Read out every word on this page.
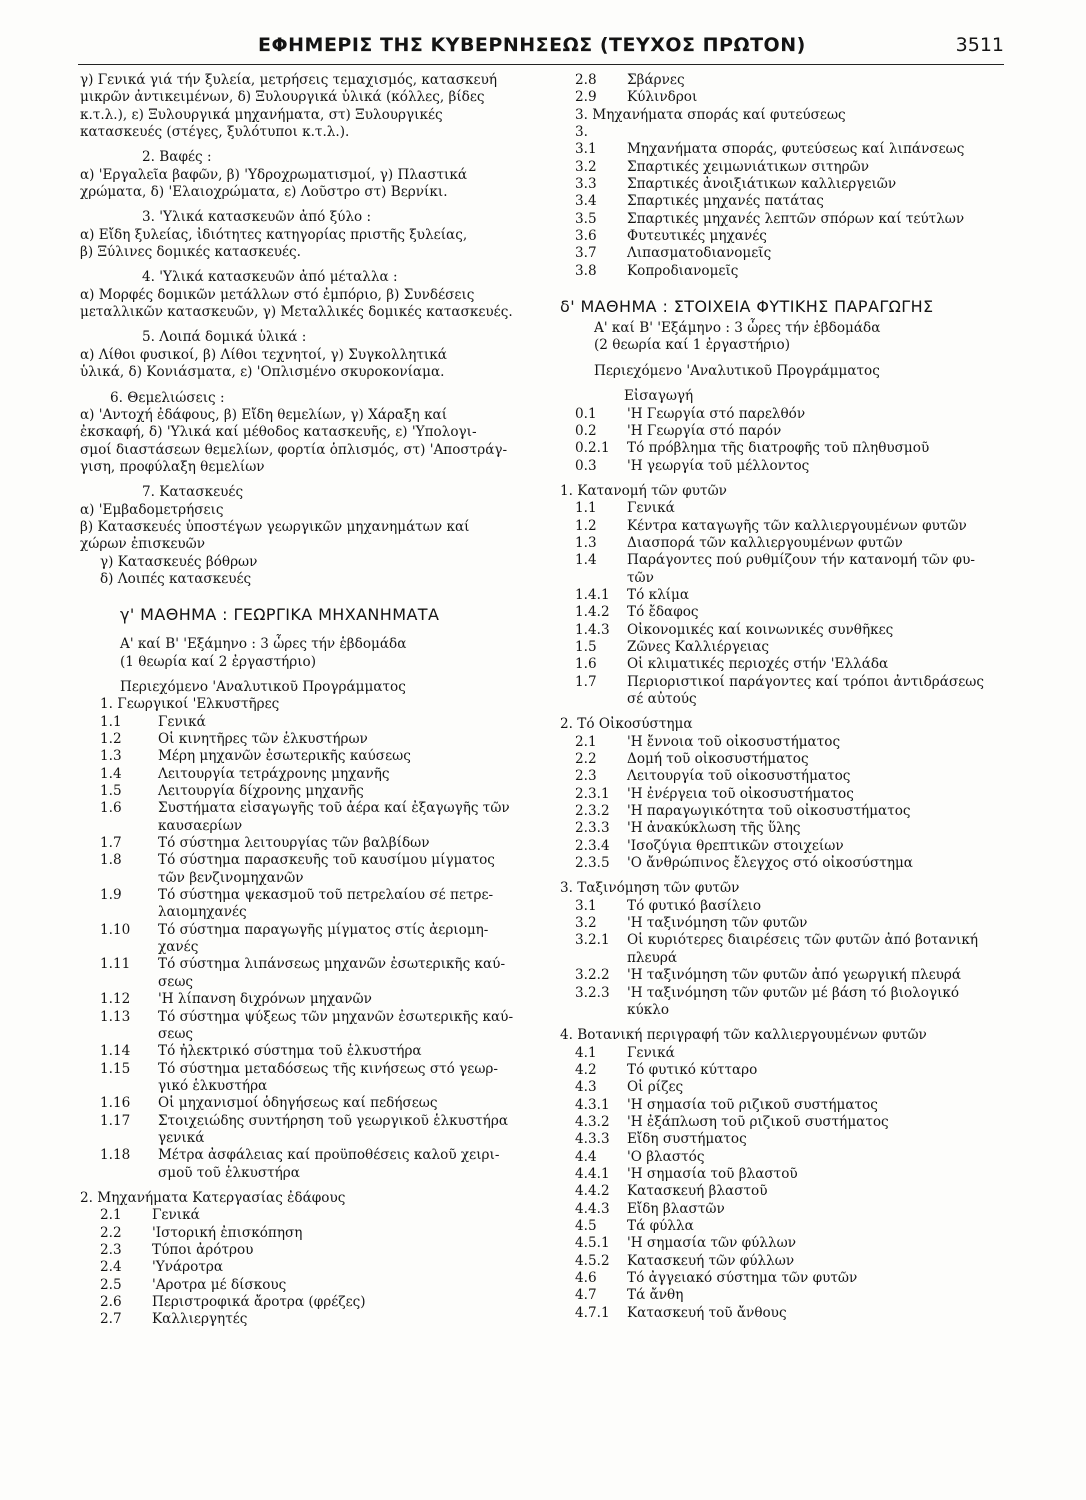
ΕΦΗΜΕΡΙΣ ΤΗΣ ΚΥΒΕΡΝΗΣΕΩΣ (ΤΕΥΧΟΣ ΠΡΩΤΟΝ)	3511
γ) Γενικά γιά τήν ξυλεία, μετρήσεις τεμαχισμός, κατασκευή
μικρῶν ἀντικειμένων, δ) Ξυλουργικά ὑλικά (κόλλες, βίδες
κ.τ.λ.), ε) Ξυλουργικά μηχανήματα, στ) Ξυλουργικές
κατασκευές (στέγες, ξυλότυποι κ.τ.λ.).
2. Βαφές :
α) 'Εργαλεῖα βαφῶν, β) 'Υδροχρωματισμοί, γ) Πλαστικά
χρώματα, δ) 'Ελαιοχρώματα, ε) Λοῦστρο στ) Βερνίκι.
3. 'Υλικά κατασκευῶν ἀπό ξύλο :
α) Εἴδη ξυλείας, ἰδιότητες κατηγορίας πριστῆς ξυλείας,
β) Ξύλινες δομικές κατασκευές.
4. 'Υλικά κατασκευῶν ἀπό μέταλλα :
α) Μορφές δομικῶν μετάλλων στό ἐμπόριο, β) Συνδέσεις
μεταλλικῶν κατασκευῶν, γ) Μεταλλικές δομικές κατασκευές.
5. Λοιπά δομικά ὑλικά :
α) Λίθοι φυσικοί, β) Λίθοι τεχνητοί, γ) Συγκολλητικά
ὑλικά, δ) Κονιάσματα, ε) 'Οπλισμένο σκυροκονίαμα.
6. Θεμελιώσεις :
α) 'Αντοχή ἐδάφους, β) Εἴδη θεμελίων, γ) Χάραξη καί
ἐκσκαφή, δ) 'Υλικά καί μέθοδος κατασκευῆς, ε) 'Υπολογι-
σμοί διαστάσεων θεμελίων, φορτία ὁπλισμός, στ) 'Αποστράγ-
γιση, προφύλαξη θεμελίων
7. Κατασκευές
α) 'Εμβαδομετρήσεις
β) Κατασκευές ὑποστέγων γεωργικῶν μηχανημάτων καί
χώρων ἐπισκευῶν
γ) Κατασκευές βόθρων
δ) Λοιπές κατασκευές
γ' ΜΑΘΗΜΑ : ΓΕΩΡΓΙΚΑ ΜΗΧΑΝΗΜΑΤΑ
Α' καί Β' 'Εξάμηνο : 3 ὧρες τήν ἑβδομάδα
(1 θεωρία καί 2 ἐργαστήριο)
Περιεχόμενο 'Αναλυτικοῦ Προγράμματος
1. Γεωργικοί 'Ελκυστῆρες
1.1	Γενικά
1.2	Οἱ κινητῆρες τῶν ἑλκυστήρων
1.3	Μέρη μηχανῶν ἐσωτερικῆς καύσεως
1.4	Λειτουργία τετράχρονης μηχανῆς
1.5	Λειτουργία δίχρονης μηχανῆς
1.6	Συστήματα εἰσαγωγῆς τοῦ ἀέρα καί ἐξαγωγῆς τῶν
καυσαερίων
1.7	Τό σύστημα λειτουργίας τῶν βαλβίδων
1.8	Τό σύστημα παρασκευῆς τοῦ καυσίμου μίγματος
τῶν βενζινομηχανῶν
1.9	Τό σύστημα ψεκασμοῦ τοῦ πετρελαίου σέ πετρε-
λαιομηχανές
1.10	Τό σύστημα παραγωγῆς μίγματος στίς ἀεριομη-
χανές
1.11	Τό σύστημα λιπάνσεως μηχανῶν ἐσωτερικῆς καύ-
σεως
1.12	'Η λίπανση διχρόνων μηχανῶν
1.13	Τό σύστημα ψύξεως τῶν μηχανῶν ἐσωτερικῆς καύ-
σεως
1.14	Τό ἠλεκτρικό σύστημα τοῦ ἑλκυστήρα
1.15	Τό σύστημα μεταδόσεως τῆς κινήσεως στό γεωρ-
γικό ἑλκυστήρα
1.16	Οἱ μηχανισμοί ὁδηγήσεως καί πεδήσεως
1.17	Στοιχειώδης συντήρηση τοῦ γεωργικοῦ ἑλκυστήρα
γενικά
1.18	Μέτρα ἀσφάλειας καί προϋποθέσεις καλοῦ χειρι-
σμοῦ τοῦ ἑλκυστήρα
2. Μηχανήματα Κατεργασίας ἐδάφους
2.1	Γενικά
2.2	'Ιστορική ἐπισκόπηση
2.3	Τύποι ἀρότρου
2.4	'Υνάροτρα
2.5	'Αροτρα μέ δίσκους
2.6	Περιστροφικά ἄροτρα (φρέζες)
2.7	Καλλιεργητές
2.8	Σβάρνες
2.9	Κύλινδροι
3. Μηχανήματα σποράς καί φυτεύσεως
3.
3.1	Μηχανήματα σποράς, φυτεύσεως καί λιπάνσεως
3.2	Σπαρτικές χειμωνιάτικων σιτηρῶν
3.3	Σπαρτικές ἀνοιξιάτικων καλλιεργειῶν
3.4	Σπαρτικές μηχανές πατάτας
3.5	Σπαρτικές μηχανές λεπτῶν σπόρων καί τεύτλων
3.6	Φυτευτικές μηχανές
3.7	Λιπασματοδιανομεῖς
3.8	Κοπροδιανομεῖς
δ' ΜΑΘΗΜΑ : ΣΤΟΙΧΕΙΑ ΦΥΤΙΚΗΣ ΠΑΡΑΓΩΓΗΣ
Α' καί Β' 'Εξάμηνο : 3 ὧρες τήν ἑβδομάδα
(2 θεωρία καί 1 ἐργαστήριο)
Περιεχόμενο 'Αναλυτικοῦ Προγράμματος
Εἰσαγωγή
0.1	'Η Γεωργία στό παρελθόν
0.2	'Η Γεωργία στό παρόν
0.2.1	Τό πρόβλημα τῆς διατροφῆς τοῦ πληθυσμοῦ
0.3	'Η γεωργία τοῦ μέλλοντος
1. Κατανομή τῶν φυτῶν
1.1	Γενικά
1.2	Κέντρα καταγωγῆς τῶν καλλιεργουμένων φυτῶν
1.3	Διασπορά τῶν καλλιεργουμένων φυτῶν
1.4	Παράγοντες πού ρυθμίζουν τήν κατανομή τῶν φυ-
τῶν
1.4.1	Τό κλίμα
1.4.2	Τό ἔδαφος
1.4.3	Οἰκονομικές καί κοινωνικές συνθῆκες
1.5	Ζῶνες Καλλιέργειας
1.6	Οἱ κλιματικές περιοχές στήν 'Ελλάδα
1.7	Περιοριστικοί παράγοντες καί τρόποι ἀντιδράσεως
σέ αὐτούς
2. Τό Οἰκοσύστημα
2.1	'Η ἔννοια τοῦ οἰκοσυστήματος
2.2	Δομή τοῦ οἰκοσυστήματος
2.3	Λειτουργία τοῦ οἰκοσυστήματος
2.3.1	'Η ἐνέργεια τοῦ οἰκοσυστήματος
2.3.2	'Η παραγωγικότητα τοῦ οἰκοσυστήματος
2.3.3	'Η ἀνακύκλωση τῆς ὕλης
2.3.4	'Ισοζύγια θρεπτικῶν στοιχείων
2.3.5	'Ο ἄνθρώπινος ἔλεγχος στό οἰκοσύστημα
3. Ταξινόμηση τῶν φυτῶν
3.1	Τό φυτικό βασίλειο
3.2	'Η ταξινόμηση τῶν φυτῶν
3.2.1	Οἱ κυριότερες διαιρέσεις τῶν φυτῶν ἀπό βοτανική
πλευρά
3.2.2	'Η ταξινόμηση τῶν φυτῶν ἀπό γεωργική πλευρά
3.2.3	'Η ταξινόμηση τῶν φυτῶν μέ βάση τό βιολογικό
κύκλο
4. Βοτανική περιγραφή τῶν καλλιεργουμένων φυτῶν
4.1	Γενικά
4.2	Τό φυτικό κύτταρο
4.3	Οἱ ρίζες
4.3.1	'Η σημασία τοῦ ριζικοῦ συστήματος
4.3.2	'Η ἐξάπλωση τοῦ ριζικοῦ συστήματος
4.3.3	Εἴδη συστήματος
4.4	'Ο βλαστός
4.4.1	'Η σημασία τοῦ βλαστοῦ
4.4.2	Κατασκευή βλαστοῦ
4.4.3	Εἴδη βλαστῶν
4.5	Τά φύλλα
4.5.1	'Η σημασία τῶν φύλλων
4.5.2	Κατασκευή τῶν φύλλων
4.6	Τό ἀγγειακό σύστημα τῶν φυτῶν
4.7	Τά ἄνθη
4.7.1	Κατασκευή τοῦ ἄνθους
